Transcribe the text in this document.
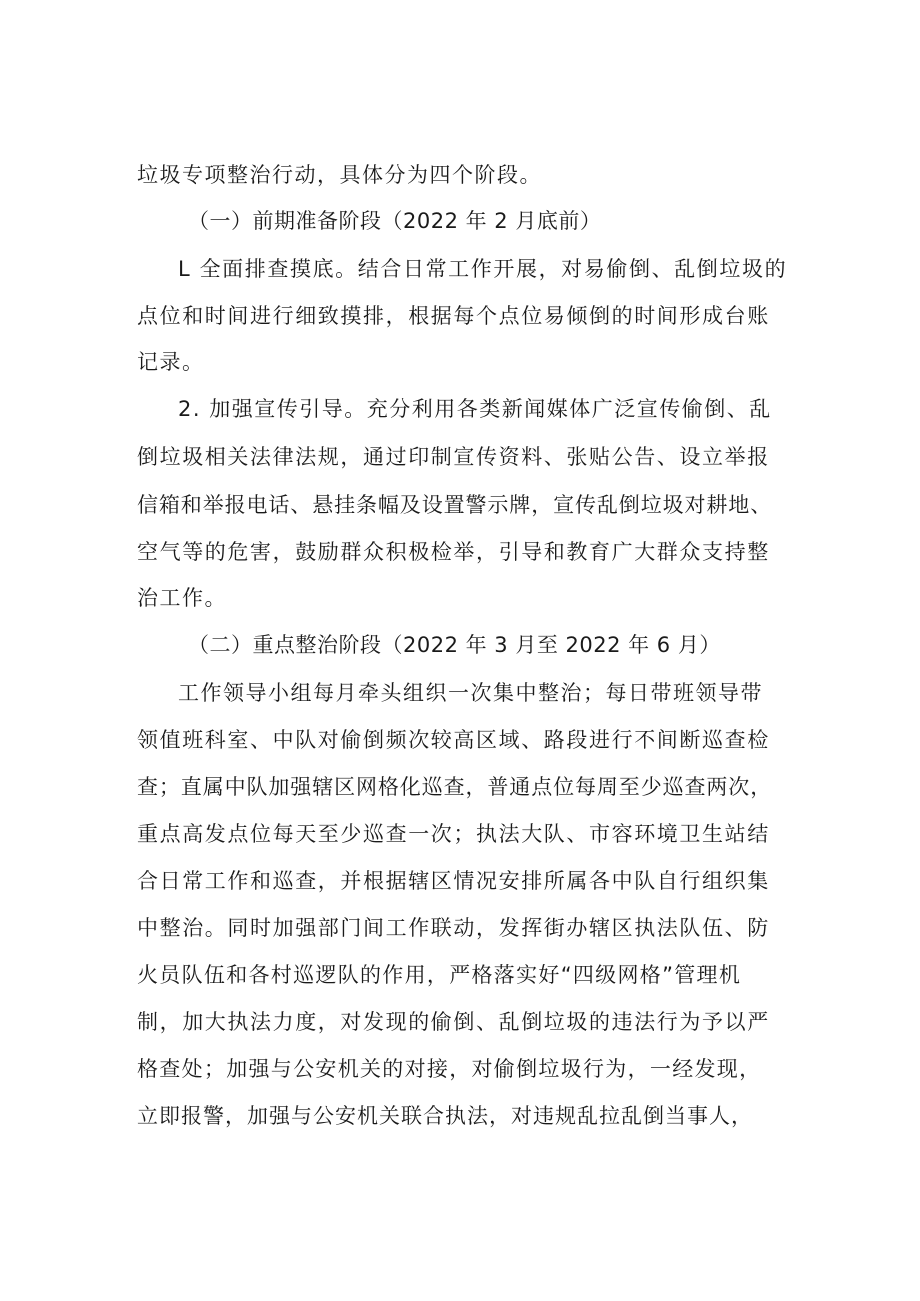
垃圾专项整治行动，具体分为四个阶段。
（一）前期准备阶段（2022 年 2 月底前）
L 全面排查摸底。结合日常工作开展，对易偷倒、乱倒垃圾的
点位和时间进行细致摸排，根据每个点位易倾倒的时间形成台账
记录。
2. 加强宣传引导。充分利用各类新闻媒体广泛宣传偷倒、乱
倒垃圾相关法律法规，通过印制宣传资料、张贴公告、设立举报
信箱和举报电话、悬挂条幅及设置警示牌，宣传乱倒垃圾对耕地、
空气等的危害，鼓励群众积极检举，引导和教育广大群众支持整
治工作。
（二）重点整治阶段（2022 年 3 月至 2022 年 6 月）
工作领导小组每月牵头组织一次集中整治；每日带班领导带
领值班科室、中队对偷倒频次较高区域、路段进行不间断巡查检
查；直属中队加强辖区网格化巡查，普通点位每周至少巡查两次，
重点高发点位每天至少巡查一次；执法大队、市容环境卫生站结
合日常工作和巡查，并根据辖区情况安排所属各中队自行组织集
中整治。同时加强部门间工作联动，发挥街办辖区执法队伍、防
火员队伍和各村巡逻队的作用，严格落实好“四级网格”管理机
制，加大执法力度，对发现的偷倒、乱倒垃圾的违法行为予以严
格查处；加强与公安机关的对接，对偷倒垃圾行为，一经发现，
立即报警，加强与公安机关联合执法，对违规乱拉乱倒当事人，
